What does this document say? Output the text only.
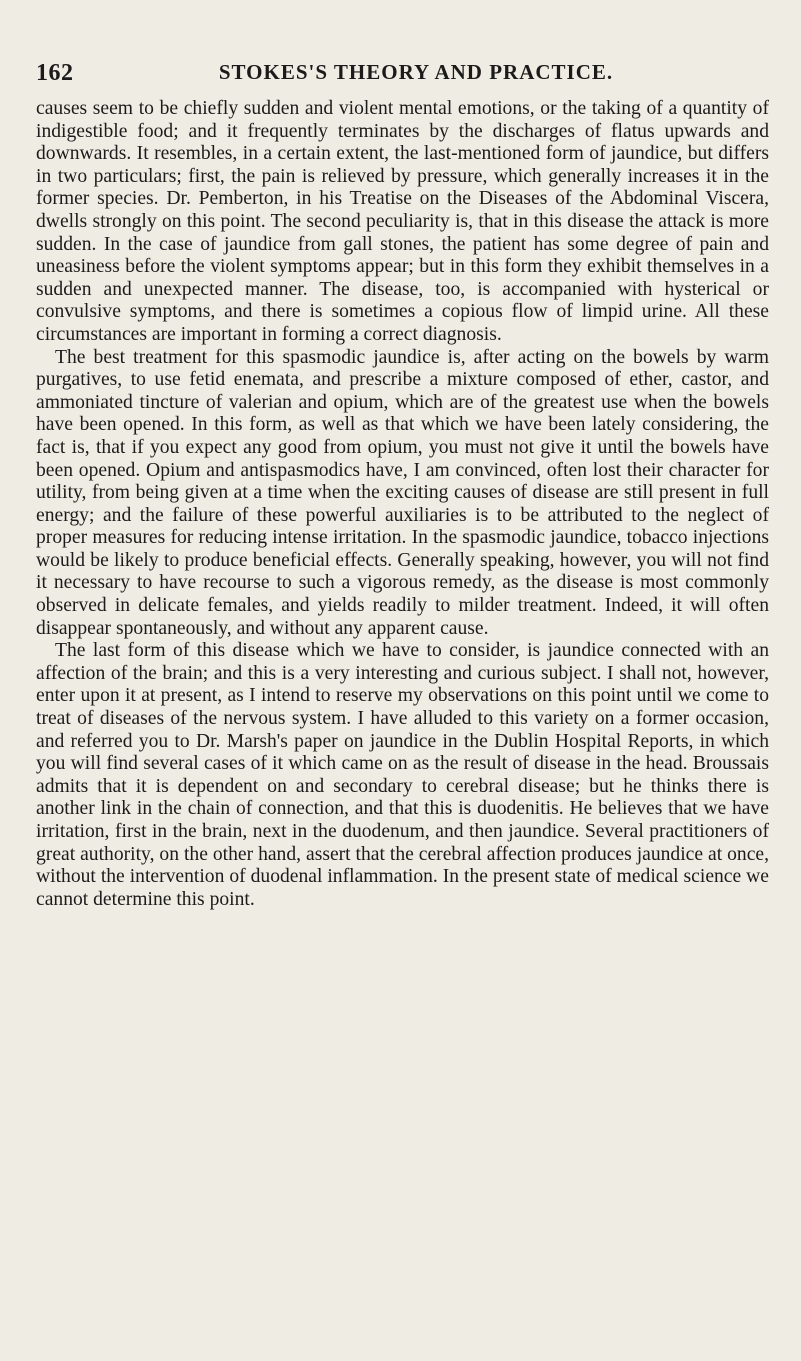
162	STOKES'S THEORY AND PRACTICE.

causes seem to be chiefly sudden and violent mental emotions, or the taking of a quantity of indigestible food; and it frequently terminates by the discharges of flatus upwards and downwards. It resembles, in a certain extent, the last-mentioned form of jaundice, but differs in two particulars; first, the pain is relieved by pressure, which generally increases it in the former species. Dr. Pemberton, in his Treatise on the Diseases of the Abdominal Viscera, dwells strongly on this point. The second peculiarity is, that in this disease the attack is more sudden. In the case of jaundice from gall stones, the patient has some degree of pain and uneasiness before the violent symptoms appear; but in this form they exhibit themselves in a sudden and unexpected manner. The disease, too, is accompanied with hysterical or convulsive symptoms, and there is sometimes a copious flow of limpid urine. All these circumstances are important in forming a correct diagnosis.

The best treatment for this spasmodic jaundice is, after acting on the bowels by warm purgatives, to use fetid enemata, and prescribe a mixture composed of ether, castor, and ammoniated tincture of valerian and opium, which are of the greatest use when the bowels have been opened. In this form, as well as that which we have been lately considering, the fact is, that if you expect any good from opium, you must not give it until the bowels have been opened. Opium and antispasmodics have, I am convinced, often lost their character for utility, from being given at a time when the exciting causes of disease are still present in full energy; and the failure of these powerful auxiliaries is to be attributed to the neglect of proper measures for reducing intense irritation. In the spasmodic jaundice, tobacco injections would be likely to produce beneficial effects. Generally speaking, however, you will not find it necessary to have recourse to such a vigorous remedy, as the disease is most commonly observed in delicate females, and yields readily to milder treatment. Indeed, it will often disappear spontaneously, and without any apparent cause.

The last form of this disease which we have to consider, is jaundice connected with an affection of the brain; and this is a very interesting and curious subject. I shall not, however, enter upon it at present, as I intend to reserve my observations on this point until we come to treat of diseases of the nervous system. I have alluded to this variety on a former occasion, and referred you to Dr. Marsh's paper on jaundice in the Dublin Hospital Reports, in which you will find several cases of it which came on as the result of disease in the head. Broussais admits that it is dependent on and secondary to cerebral disease; but he thinks there is another link in the chain of connection, and that this is duodenitis. He believes that we have irritation, first in the brain, next in the duodenum, and then jaundice. Several practitioners of great authority, on the other hand, assert that the cerebral affection produces jaundice at once, without the intervention of duodenal inflammation. In the present state of medical science we cannot determine this point.
